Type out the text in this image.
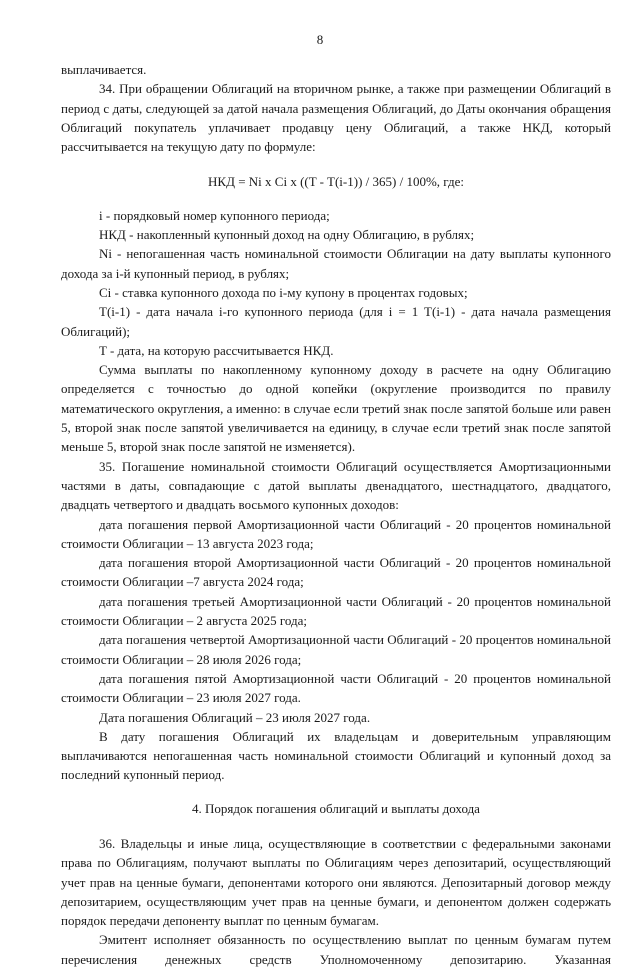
8

выплачивается.

34. При обращении Облигаций на вторичном рынке, а также при размещении Облигаций в период с даты, следующей за датой начала размещения Облигаций, до Даты окончания обращения Облигаций покупатель уплачивает продавцу цену Облигаций, а также НКД, который рассчитывается на текущую дату по формуле:

НКД = Ni x Ci x ((T - T(i-1)) / 365) / 100%, где:

i - порядковый номер купонного периода;

НКД - накопленный купонный доход на одну Облигацию, в рублях;

Ni - непогашенная часть номинальной стоимости Облигации на дату выплаты купонного дохода за i-й купонный период, в рублях;

Ci - ставка купонного дохода по i-му купону в процентах годовых;

T(i-1) - дата начала i-го купонного периода (для i = 1 T(i-1) - дата начала размещения Облигаций);

T - дата, на которую рассчитывается НКД.

Сумма выплаты по накопленному купонному доходу в расчете на одну Облигацию определяется с точностью до одной копейки (округление производится по правилу математического округления, а именно: в случае если третий знак после запятой больше или равен 5, второй знак после запятой увеличивается на единицу, в случае если третий знак после запятой меньше 5, второй знак после запятой не изменяется).

35. Погашение номинальной стоимости Облигаций осуществляется Амортизационными частями в даты, совпадающие с датой выплаты двенадцатого, шестнадцатого, двадцатого, двадцать четвертого и двадцать восьмого купонных доходов:

дата погашения первой Амортизационной части Облигаций - 20 процентов номинальной стоимости Облигации – 13 августа 2023 года;

дата погашения второй Амортизационной части Облигаций - 20 процентов номинальной стоимости Облигации –7 августа 2024 года;

дата погашения третьей Амортизационной части Облигаций - 20 процентов номинальной стоимости Облигации – 2 августа 2025 года;

дата погашения четвертой Амортизационной части Облигаций - 20 процентов номинальной стоимости Облигации – 28 июля 2026 года;

дата погашения пятой Амортизационной части Облигаций - 20 процентов номинальной стоимости Облигации – 23 июля 2027 года.

Дата погашения Облигаций – 23 июля 2027 года.

В дату погашения Облигаций их владельцам и доверительным управляющим выплачиваются непогашенная часть номинальной стоимости Облигаций и купонный доход за последний купонный период.

4. Порядок погашения облигаций и выплаты дохода

36. Владельцы и иные лица, осуществляющие в соответствии с федеральными законами права по Облигациям, получают выплаты по Облигациям через депозитарий, осуществляющий учет прав на ценные бумаги, депонентами которого они являются. Депозитарный договор между депозитарием, осуществляющим учет прав на ценные бумаги, и депонентом должен содержать порядок передачи депоненту выплат по ценным бумагам.

Эмитент исполняет обязанность по осуществлению выплат по ценным бумагам путем перечисления денежных средств Уполномоченному депозитарию. Указанная
